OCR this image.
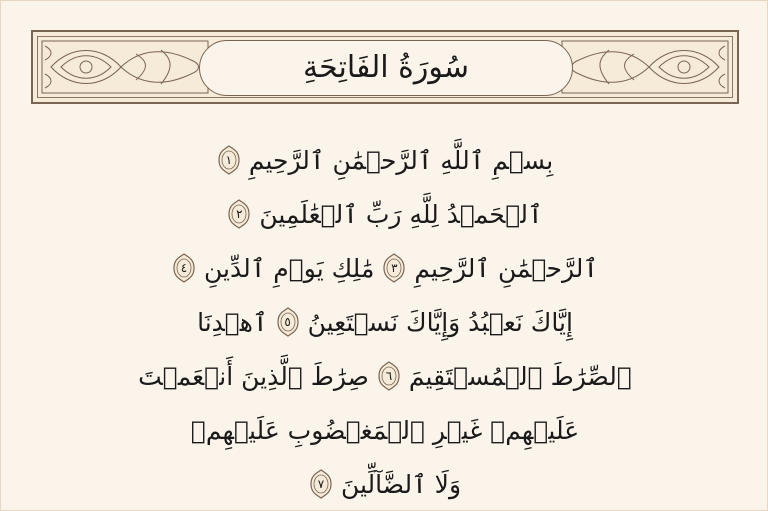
سُورَةُ الفَاتِحَةِ
بِسۡمِ ٱللَّهِ ٱلرَّحۡمَٰنِ ٱلرَّحِيمِ
١
ٱلۡحَمۡدُ لِلَّهِ رَبِّ ٱلۡعَٰلَمِينَ
٢
ٱلرَّحۡمَٰنِ ٱلرَّحِيمِ
٣
مَٰلِكِ يَوۡمِ ٱلدِّينِ
٤
إِيَّاكَ نَعۡبُدُ وَإِيَّاكَ نَسۡتَعِينُ
٥
ٱهۡدِنَا
ٱلصِّرَٰطَ ٱلۡمُسۡتَقِيمَ
٦
صِرَٰطَ ٱلَّذِينَ أَنۡعَمۡتَ
عَلَيۡهِمۡ غَيۡرِ ٱلۡمَغۡضُوبِ عَلَيۡهِمۡ
وَلَا ٱلضَّآلِّينَ
٧
